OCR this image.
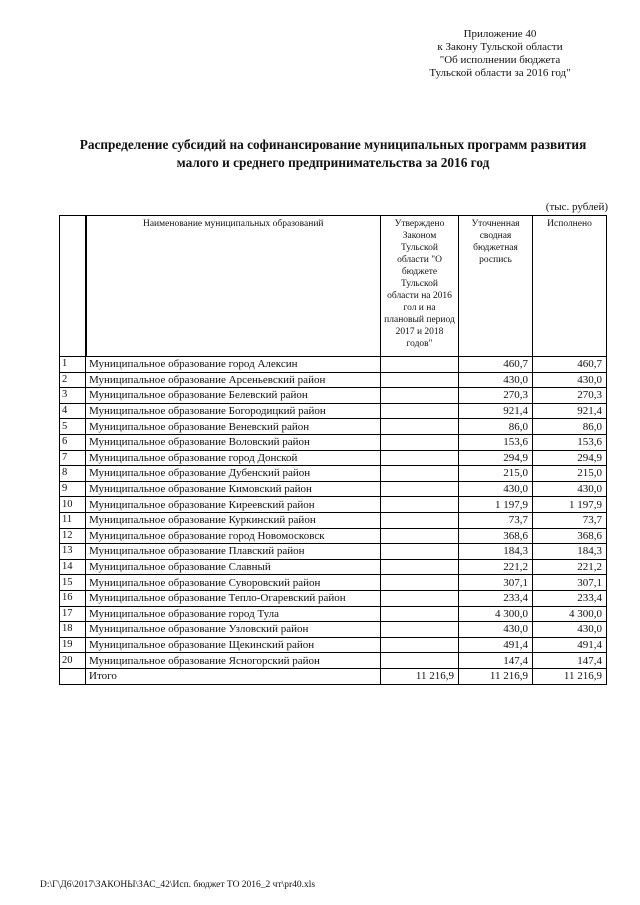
Приложение 40
к Закону Тульской области
"Об исполнении бюджета
Тульской области за 2016 год"
Распределение субсидий на софинансирование муниципальных программ развития
малого и среднего предпринимательства за 2016 год
(тыс. рублей)
	Наименование муниципальных образований	Утверждено Законом Тульской области "О бюджете Тульской области на 2016 гол и на плановый период 2017 и 2018 годов"	Уточненная сводная бюджетная роспись	Исполнено
1	Муниципальное образование город Алексин		460,7	460,7
2	Муниципальное образование Арсеньевский район		430,0	430,0
3	Муниципальное образование Белевский район		270,3	270,3
4	Муниципальное образование Богородицкий район		921,4	921,4
5	Муниципальное образование Веневский район		86,0	86,0
6	Муниципальное образование Воловский район		153,6	153,6
7	Муниципальное образование город Донской		294,9	294,9
8	Муниципальное образование Дубенский район		215,0	215,0
9	Муниципальное образование Кимовский район		430,0	430,0
10	Муниципальное образование Киреевский район		1 197,9	1 197,9
11	Муниципальное образование Куркинский район		73,7	73,7
12	Муниципальное образование город Новомосковск		368,6	368,6
13	Муниципальное образование Плавский район		184,3	184,3
14	Муниципальное образование Славный		221,2	221,2
15	Муниципальное образование Суворовский район		307,1	307,1
16	Муниципальное образование Тепло-Огаревский район		233,4	233,4
17	Муниципальное образование город Тула		4 300,0	4 300,0
18	Муниципальное образование Узловский район		430,0	430,0
19	Муниципальное образование Щекинский район		491,4	491,4
20	Муниципальное образование Ясногорский район		147,4	147,4
	Итого	11 216,9	11 216,9	11 216,9
D:\Г\Д6\2017\ЗАКОНЫ\ЗАС_42\Исп. бюджет ТО 2016_2 чт\pr40.xls
